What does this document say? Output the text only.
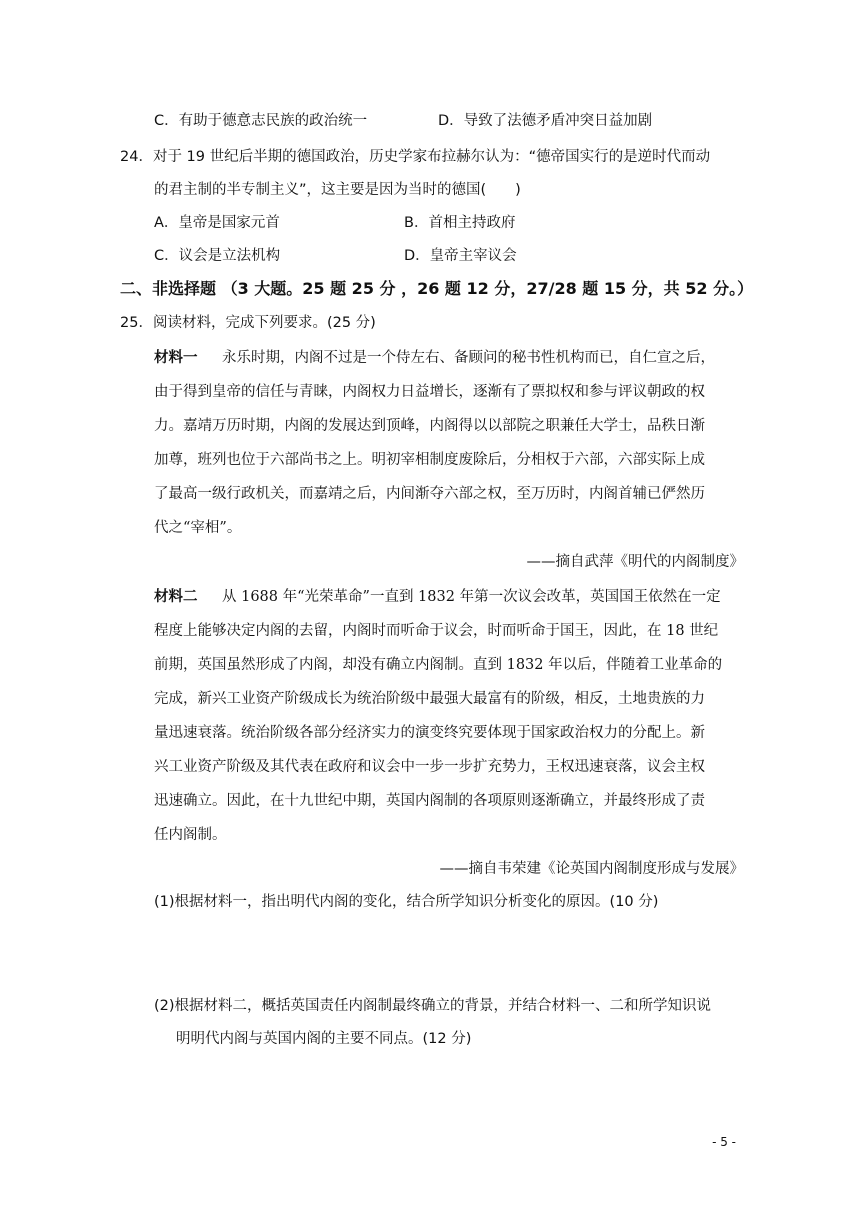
C．有助于德意志民族的政治统一	D．导致了法德矛盾冲突日益加剧
24．对于 19 世纪后半期的德国政治，历史学家布拉赫尔认为：“德帝国实行的是逆时代而动
的君主制的半专制主义”，这主要是因为当时的德国(　　)
A．皇帝是国家元首	B．首相主持政府
C．议会是立法机构	D．皇帝主宰议会
二、非选择题 （3 大题。25 题 25 分 ，26 题 12 分，27/28 题 15 分，共 52 分。）
25．阅读材料，完成下列要求。(25 分)
材料一 永乐时期，内阁不过是一个侍左右、备顾问的秘书性机构而已，自仁宣之后，
由于得到皇帝的信任与青睐，内阁权力日益增长，逐渐有了票拟权和参与评议朝政的权
力。嘉靖万历时期，内阁的发展达到顶峰，内阁得以以部院之职兼任大学士，品秩日渐
加尊，班列也位于六部尚书之上。明初宰相制度废除后，分相权于六部，六部实际上成
了最高一级行政机关，而嘉靖之后，内间渐夺六部之权，至万历时，内阁首辅已俨然历
代之“宰相”。
——摘自武萍《明代的内阁制度》
材料二 从 1688 年“光荣革命”一直到 1832 年第一次议会改革，英国国王依然在一定
程度上能够决定内阁的去留，内阁时而听命于议会，时而听命于国王，因此，在 18 世纪
前期，英国虽然形成了内阁，却没有确立内阁制。直到 1832 年以后，伴随着工业革命的
完成，新兴工业资产阶级成长为统治阶级中最强大最富有的阶级，相反，土地贵族的力
量迅速衰落。统治阶级各部分经济实力的演变终究要体现于国家政治权力的分配上。新
兴工业资产阶级及其代表在政府和议会中一步一步扩充势力，王权迅速衰落，议会主权
迅速确立。因此，在十九世纪中期，英国内阁制的各项原则逐渐确立，并最终形成了责
任内阁制。
——摘自韦荣建《论英国内阁制度形成与发展》
(1)根据材料一，指出明代内阁的变化，结合所学知识分析变化的原因。(10 分)
(2)根据材料二，概括英国责任内阁制最终确立的背景，并结合材料一、二和所学知识说
明明代内阁与英国内阁的主要不同点。(12 分)
- 5 -
